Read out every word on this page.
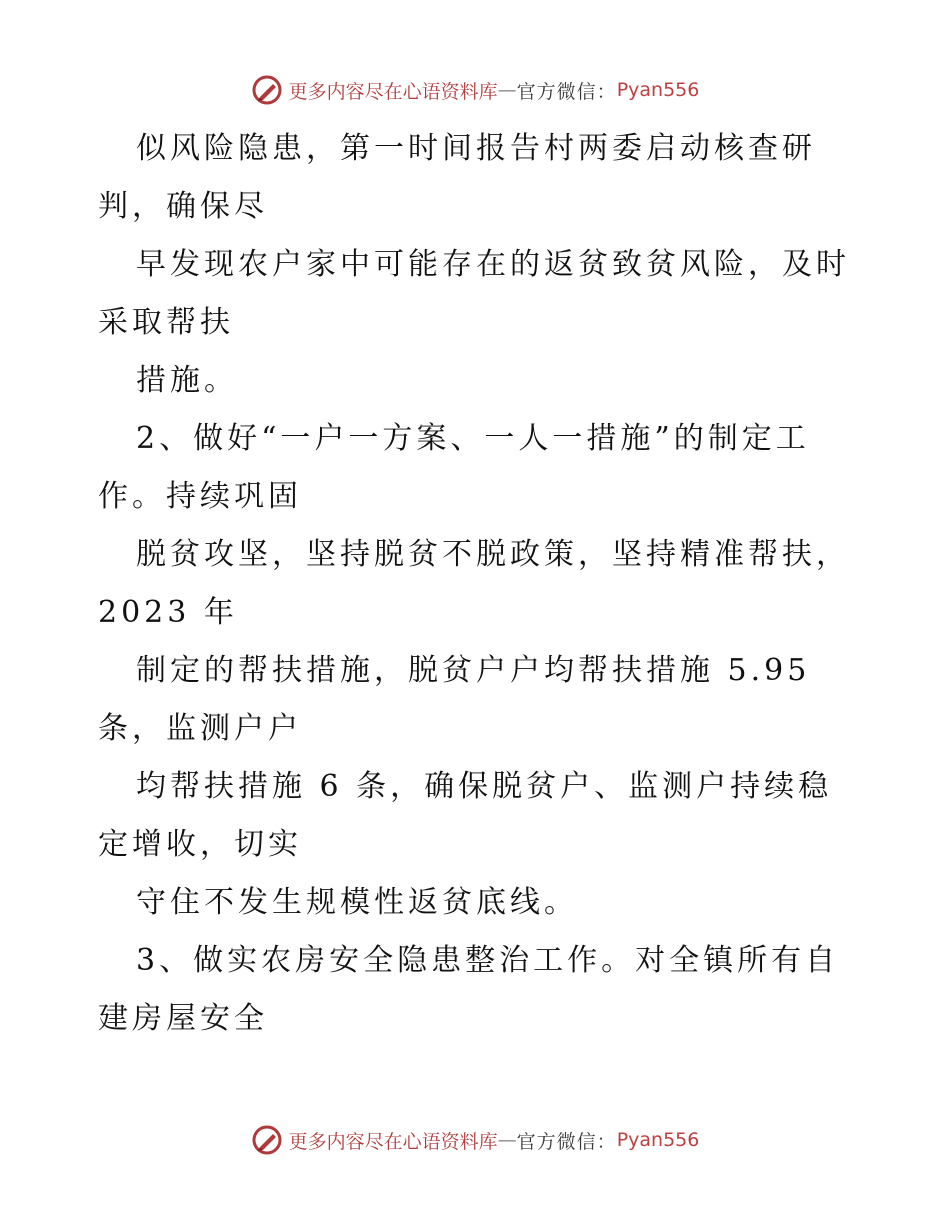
更多内容尽在心语资料库 — 官方微信： Pyan556
似风险隐患，第一时间报告村两委启动核查研
判，确保尽
早发现农户家中可能存在的返贫致贫风险，及时
采取帮扶
措施。
2、做好“一户一方案、一人一措施”的制定工
作。持续巩固
脱贫攻坚，坚持脱贫不脱政策，坚持精准帮扶，
2023 年
制定的帮扶措施，脱贫户户均帮扶措施 5.95
条，监测户户
均帮扶措施 6 条，确保脱贫户、监测户持续稳
定增收，切实
守住不发生规模性返贫底线。
3、做实农房安全隐患整治工作。对全镇所有自
建房屋安全
更多内容尽在心语资料库 — 官方微信： Pyan556
